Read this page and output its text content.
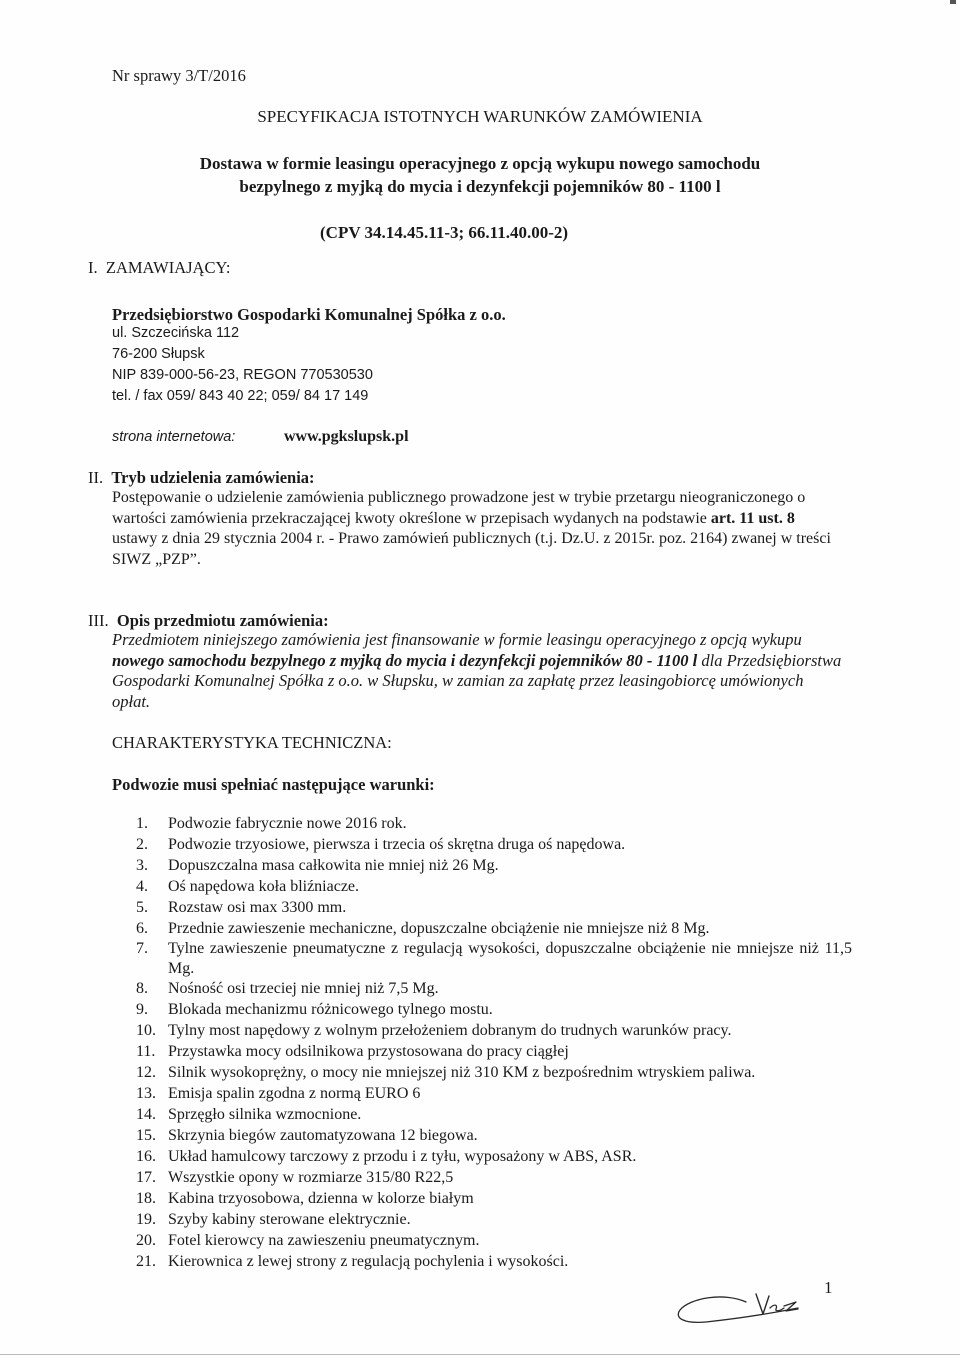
Nr sprawy 3/T/2016
SPECYFIKACJA ISTOTNYCH WARUNKÓW ZAMÓWIENIA
Dostawa w formie leasingu operacyjnego z opcją wykupu nowego samochodu
bezpylnego z myjką do mycia i dezynfekcji pojemników 80 - 1100 l
(CPV 34.14.45.11-3; 66.11.40.00-2)
I. ZAMAWIAJĄCY:
Przedsiębiorstwo Gospodarki Komunalnej Spółka z o.o.
ul. Szczecińska 112
76-200 Słupsk
NIP 839-000-56-23, REGON 770530530
tel. / fax 059/ 843 40 22; 059/ 84 17 149
strona internetowa:	www.pgkslupsk.pl
II. Tryb udzielenia zamówienia:
Postępowanie o udzielenie zamówienia publicznego prowadzone jest w trybie przetargu nieograniczonego o wartości zamówienia przekraczającej kwoty określone w przepisach wydanych na podstawie art. 11 ust. 8 ustawy z dnia 29 stycznia 2004 r. - Prawo zamówień publicznych (t.j. Dz.U. z 2015r. poz. 2164) zwanej w treści SIWZ „PZP”.
III. Opis przedmiotu zamówienia:
Przedmiotem niniejszego zamówienia jest finansowanie w formie leasingu operacyjnego z opcją wykupu nowego samochodu bezpylnego z myjką do mycia i dezynfekcji pojemników 80 - 1100 l dla Przedsiębiorstwa Gospodarki Komunalnej Spółka z o.o. w Słupsku, w zamian za zapłatę przez leasingobiorcę umówionych opłat.
CHARAKTERYSTYKA TECHNICZNA:
Podwozie musi spełniać następujące warunki:
1.	Podwozie fabrycznie nowe 2016 rok.
2.	Podwozie trzyosiowe, pierwsza i trzecia oś skrętna druga oś napędowa.
3.	Dopuszczalna masa całkowita nie mniej niż 26 Mg.
4.	Oś napędowa koła bliźniacze.
5.	Rozstaw osi max 3300 mm.
6.	Przednie zawieszenie mechaniczne, dopuszczalne obciążenie nie mniejsze niż 8 Mg.
7.	Tylne zawieszenie pneumatyczne z regulacją wysokości, dopuszczalne obciążenie nie mniejsze niż 11,5 Mg.
8.	Nośność osi trzeciej nie mniej niż 7,5 Mg.
9.	Blokada mechanizmu różnicowego tylnego mostu.
10. Tylny most napędowy z wolnym przełożeniem dobranym do trudnych warunków pracy.
11. Przystawka mocy odsilnikowa przystosowana do pracy ciągłej
12. Silnik wysokoprężny, o mocy nie mniejszej niż 310 KM z bezpośrednim wtryskiem paliwa.
13. Emisja spalin zgodna z normą EURO 6
14. Sprzęgło silnika wzmocnione.
15. Skrzynia biegów zautomatyzowana 12 biegowa.
16. Układ hamulcowy tarczowy z przodu i z tyłu, wyposażony w ABS, ASR.
17. Wszystkie opony w rozmiarze 315/80 R22,5
18. Kabina trzyosobowa, dzienna w kolorze białym
19. Szyby kabiny sterowane elektrycznie.
20. Fotel kierowcy na zawieszeniu pneumatycznym.
21. Kierownica z lewej strony z regulacją pochylenia i wysokości.
1
